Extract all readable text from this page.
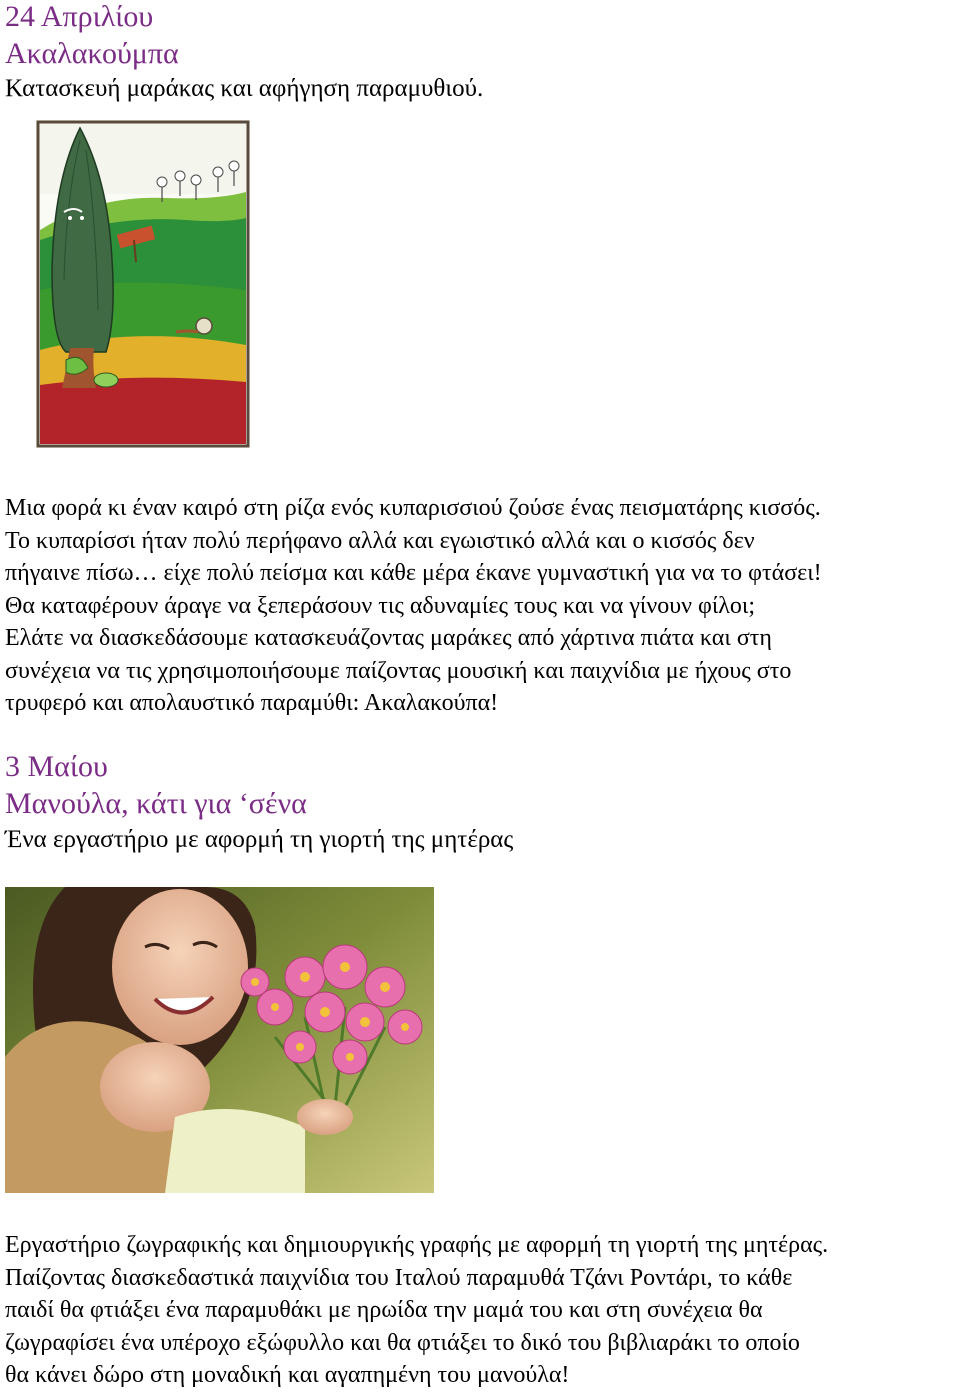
24 Απριλίου
Ακαλακούμπα

Κατασκευή μαράκας και αφήγηση παραμυθιού.

Μια φορά κι έναν καιρό στη ρίζα ενός κυπαρισσιού ζούσε ένας πεισματάρης κισσός.
Το κυπαρίσσι ήταν πολύ περήφανο αλλά και εγωιστικό αλλά και ο κισσός δεν
πήγαινε πίσω… είχε πολύ πείσμα και κάθε μέρα έκανε γυμναστική για να το φτάσει!
Θα καταφέρουν άραγε να ξεπεράσουν τις αδυναμίες τους και να γίνουν φίλοι;
Ελάτε να διασκεδάσουμε κατασκευάζοντας μαράκες από χάρτινα πιάτα και στη
συνέχεια να τις χρησιμοποιήσουμε παίζοντας μουσική και παιχνίδια με ήχους στο
τρυφερό και απολαυστικό παραμύθι: Ακαλακούπα!
3 Μαίου
Μανούλα, κάτι για ‘σένα

Ένα εργαστήριο με αφορμή τη γιορτή της μητέρας

Εργαστήριο ζωγραφικής και δημιουργικής γραφής με αφορμή τη γιορτή της μητέρας.
Παίζοντας διασκεδαστικά παιχνίδια του Ιταλού παραμυθά Τζάνι Ροντάρι, το κάθε
παιδί θα φτιάξει ένα παραμυθάκι με ηρωίδα την μαμά του και στη συνέχεια θα
ζωγραφίσει ένα υπέροχο εξώφυλλο και θα φτιάξει το δικό του βιβλιαράκι το οποίο
θα κάνει δώρο στη μοναδική και αγαπημένη του μανούλα!
